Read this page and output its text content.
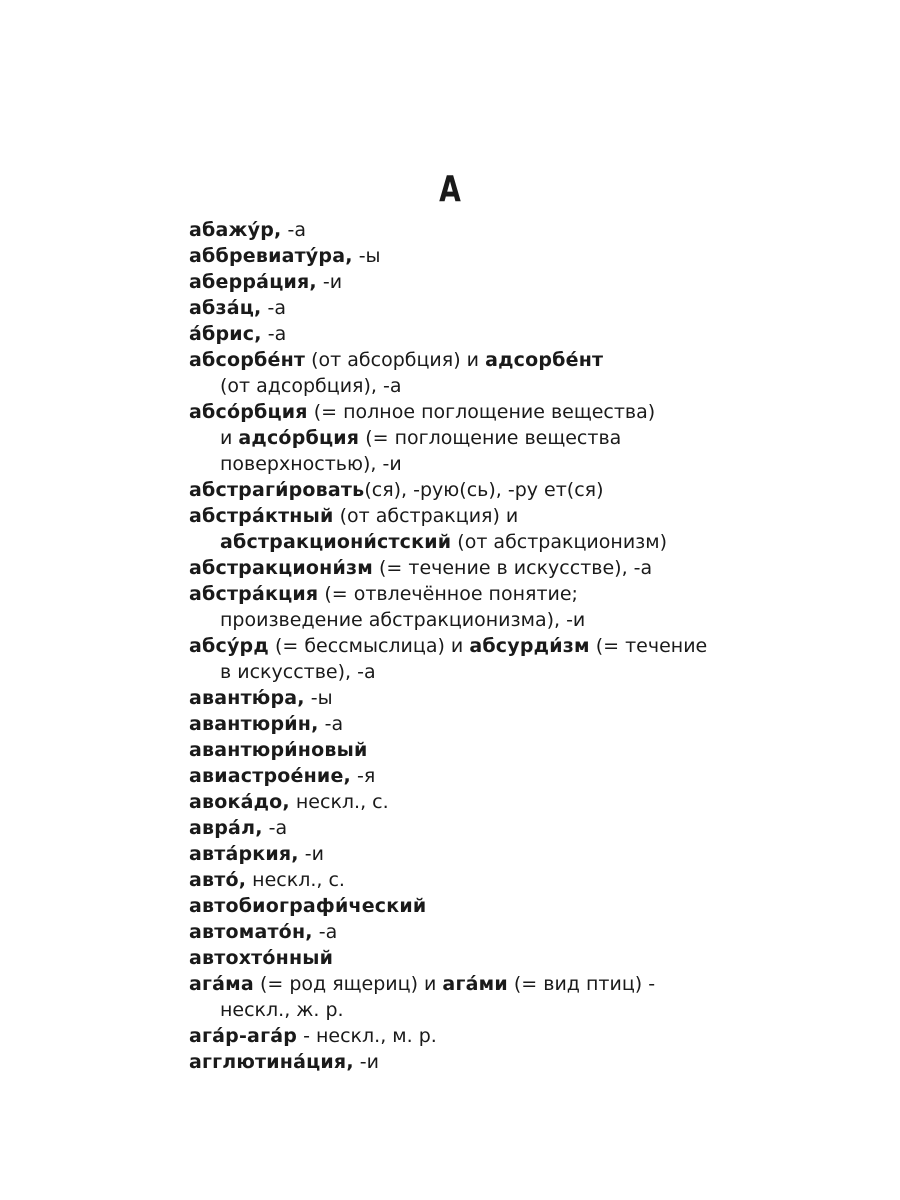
А
абажур, -а
аббревиатура, -ы
аберрация, -и
абзац, -а
абрис, -а
абсорбент (от абсорбция) и адсорбент
(от адсорбция), -а
абсорбция (= полное поглощение вещества)
и адсорбция (= поглощение вещества
поверхностью), -и
абстрагировать(ся), -рую(сь), -ру ет(ся)
абстрактный (от абстракция) и
абстракционистский (от абстракционизм)
абстракционизм (= течение в искусстве), -а
абстракция (= отвлечённое понятие;
произведение абстракционизма), -и
абсурд (= бессмыслица) и абсурдизм (= течение
в искусстве), -а
авантюра, -ы
авантюрин, -а
авантюриновый
авиастроение, -я
авокадо, нескл., с.
аврал, -а
автаркия, -и
авто, нескл., с.
автобиографический
автоматон, -а
автохтонный
агама (= род ящериц) и агами (= вид птиц) -
нескл., ж. р.
агар-агар - нескл., м. р.
агглютинация, -и
